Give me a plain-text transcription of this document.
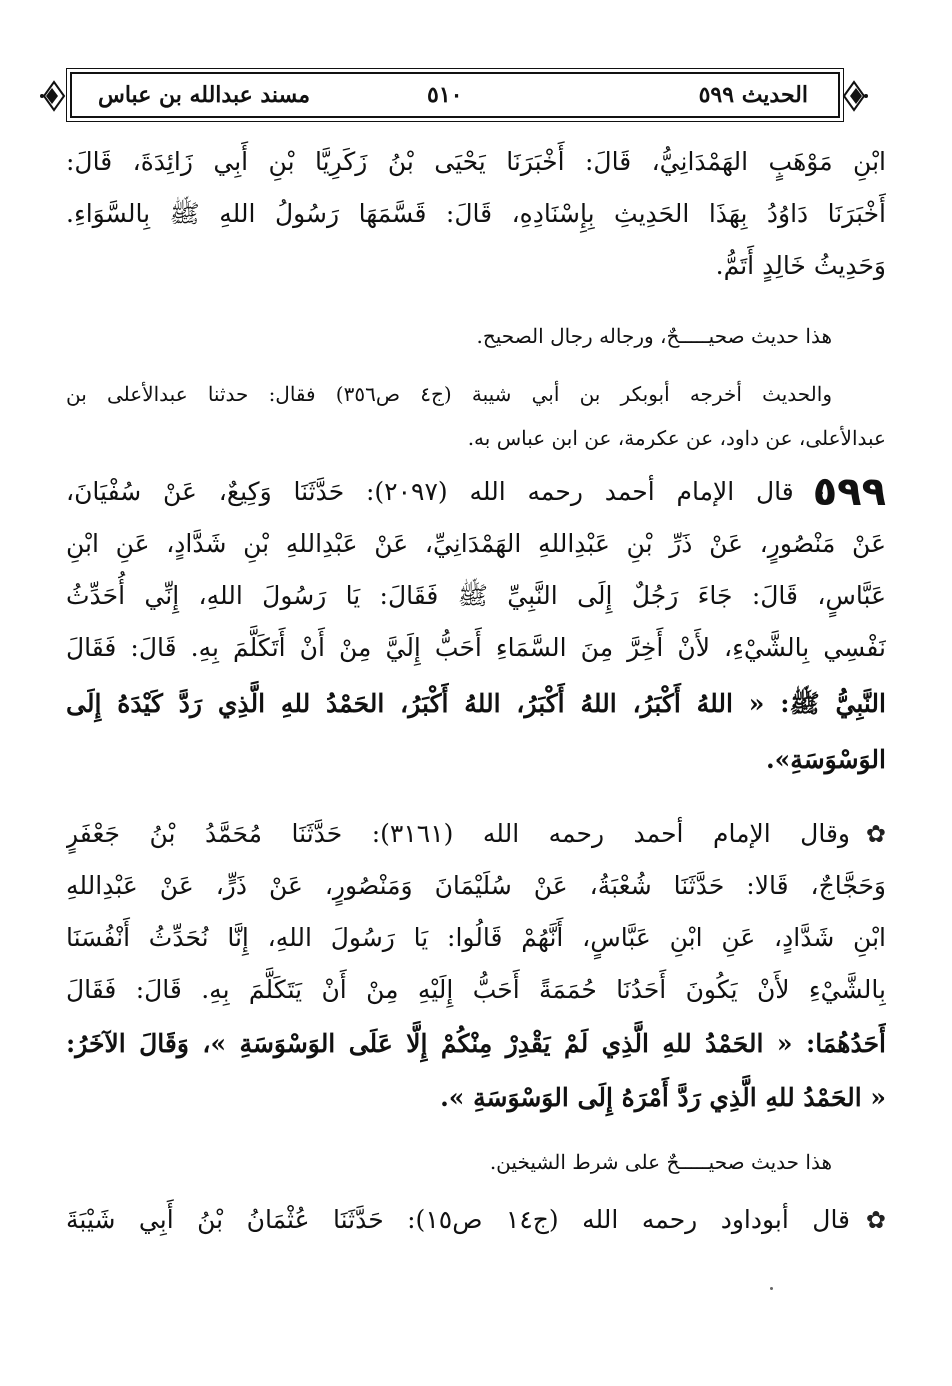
مسند عبدالله بن عباس	٥١٠	الحديث ٥٩٩
ابْنِ مَوْهَبٍ الهَمْدَانِيُّ، قَالَ: أَخْبَرَنَا يَحْيَى بْنُ زَكَرِيَّا بْنِ أَبِي زَائِدَةَ، قَالَ:
أَخْبَرَنَا دَاوُدُ بِهَذَا الحَدِيثِ بِإِسْنَادِهِ، قَالَ: قَسَّمَهَا رَسُولُ اللهِ ﷺ بِالسَّوَاءِ.
وَحَدِيثُ خَالِدٍ أَتَمُّ.
هذا حديث صحيـــــحٌ، ورجاله رجال الصحيح.
والحديث أخرجه أبوبكر بن أبي شيبة (ج٤ ص٣٥٦) فقال: حدثنا عبدالأعلى بن
عبدالأعلى، عن داود، عن عكرمة، عن ابن عباس به.
- قال الإمام أحمد رحمه الله (٢٠٩٧): حَدَّثَنَا وَكِيعٌ، عَنْ سُفْيَانَ،
٥٩٩
عَنْ مَنْصُورٍ، عَنْ ذَرِّ بْنِ عَبْدِاللهِ الهَمْدَانِيِّ، عَنْ عَبْدِاللهِ بْنِ شَدَّادٍ، عَنِ ابْنِ
عَبَّاسٍ، قَالَ: جَاءَ رَجُلٌ إِلَى النَّبِيِّ ﷺ فَقَالَ: يَا رَسُولَ اللهِ، إِنِّي أُحَدِّثُ
نَفْسِي بِالشَّيْءِ، لأَنْ أَخِرَّ مِنَ السَّمَاءِ أَحَبُّ إِلَيَّ مِنْ أَنْ أَتَكَلَّمَ بِهِ. قَالَ: فَقَالَ
النَّبِيُّ ﷺ: « اللهُ أَكْبَرُ، اللهُ أَكْبَرُ، اللهُ أَكْبَرُ، الحَمْدُ للهِ الَّذِي رَدَّ كَيْدَهُ إِلَى
الوَسْوَسَةِ».
✿
وقال الإمام أحمد رحمه الله (٣١٦١): حَدَّثَنَا مُحَمَّدُ بْنُ جَعْفَرٍ
وَحَجَّاجٌ، قَالا: حَدَّثَنَا شُعْبَةُ، عَنْ سُلَيْمَانَ وَمَنْصُورٍ، عَنْ ذَرٍّ، عَنْ عَبْدِاللهِ
ابْنِ شَدَّادٍ، عَنِ ابْنِ عَبَّاسٍ، أَنَّهُمْ قَالُوا: يَا رَسُولَ اللهِ، إِنَّا نُحَدِّثُ أَنْفُسَنَا
بِالشَّيْءِ لأَنْ يَكُونَ أَحَدُنَا حُمَمَةً أَحَبُّ إِلَيْهِ مِنْ أَنْ يَتَكَلَّمَ بِهِ. قَالَ: فَقَالَ
أَحَدُهُمَا: « الحَمْدُ للهِ الَّذِي لَمْ يَقْدِرْ مِنْكُمْ إِلَّا عَلَى الوَسْوَسَةِ »، وَقَالَ الآخَرُ:
« الحَمْدُ للهِ الَّذِي رَدَّ أَمْرَهُ إِلَى الوَسْوَسَةِ ».
هذا حديث صحيـــــحٌ على شرط الشيخين.
✿
قال أبوداود رحمه الله (ج١٤ ص١٥): حَدَّثَنَا عُثْمَانُ بْنُ أَبِي شَيْبَةَ
